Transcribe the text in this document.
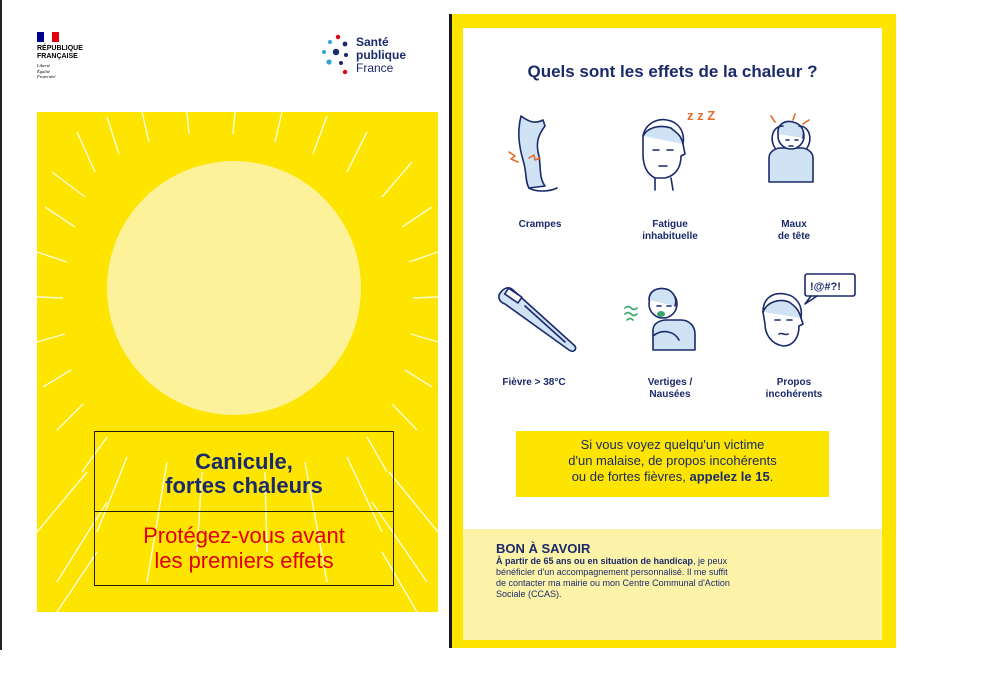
RÉPUBLIQUE
FRANÇAISE
Liberté
Égalité
Fraternité
Santé
publique
France
Canicule,
fortes chaleurs
Protégez-vous avant
les premiers effets
Quels sont les effets de la chaleur ?
Crampes
z z Z
Fatigue
inhabituelle
Maux
de tête
Fièvre > 38°C	Vertiges /
Nausées
!@#?!
Propos
incohérents
Si vous voyez quelqu'un victime
d'un malaise, de propos incohérents
ou de fortes fièvres, appelez le 15.
BON À SAVOIR
À partir de 65 ans ou en situation de handicap, je peux
bénéficier d'un accompagnement personnalisé. Il me suffit
de contacter ma mairie ou mon Centre Communal d'Action
Sociale (CCAS).
